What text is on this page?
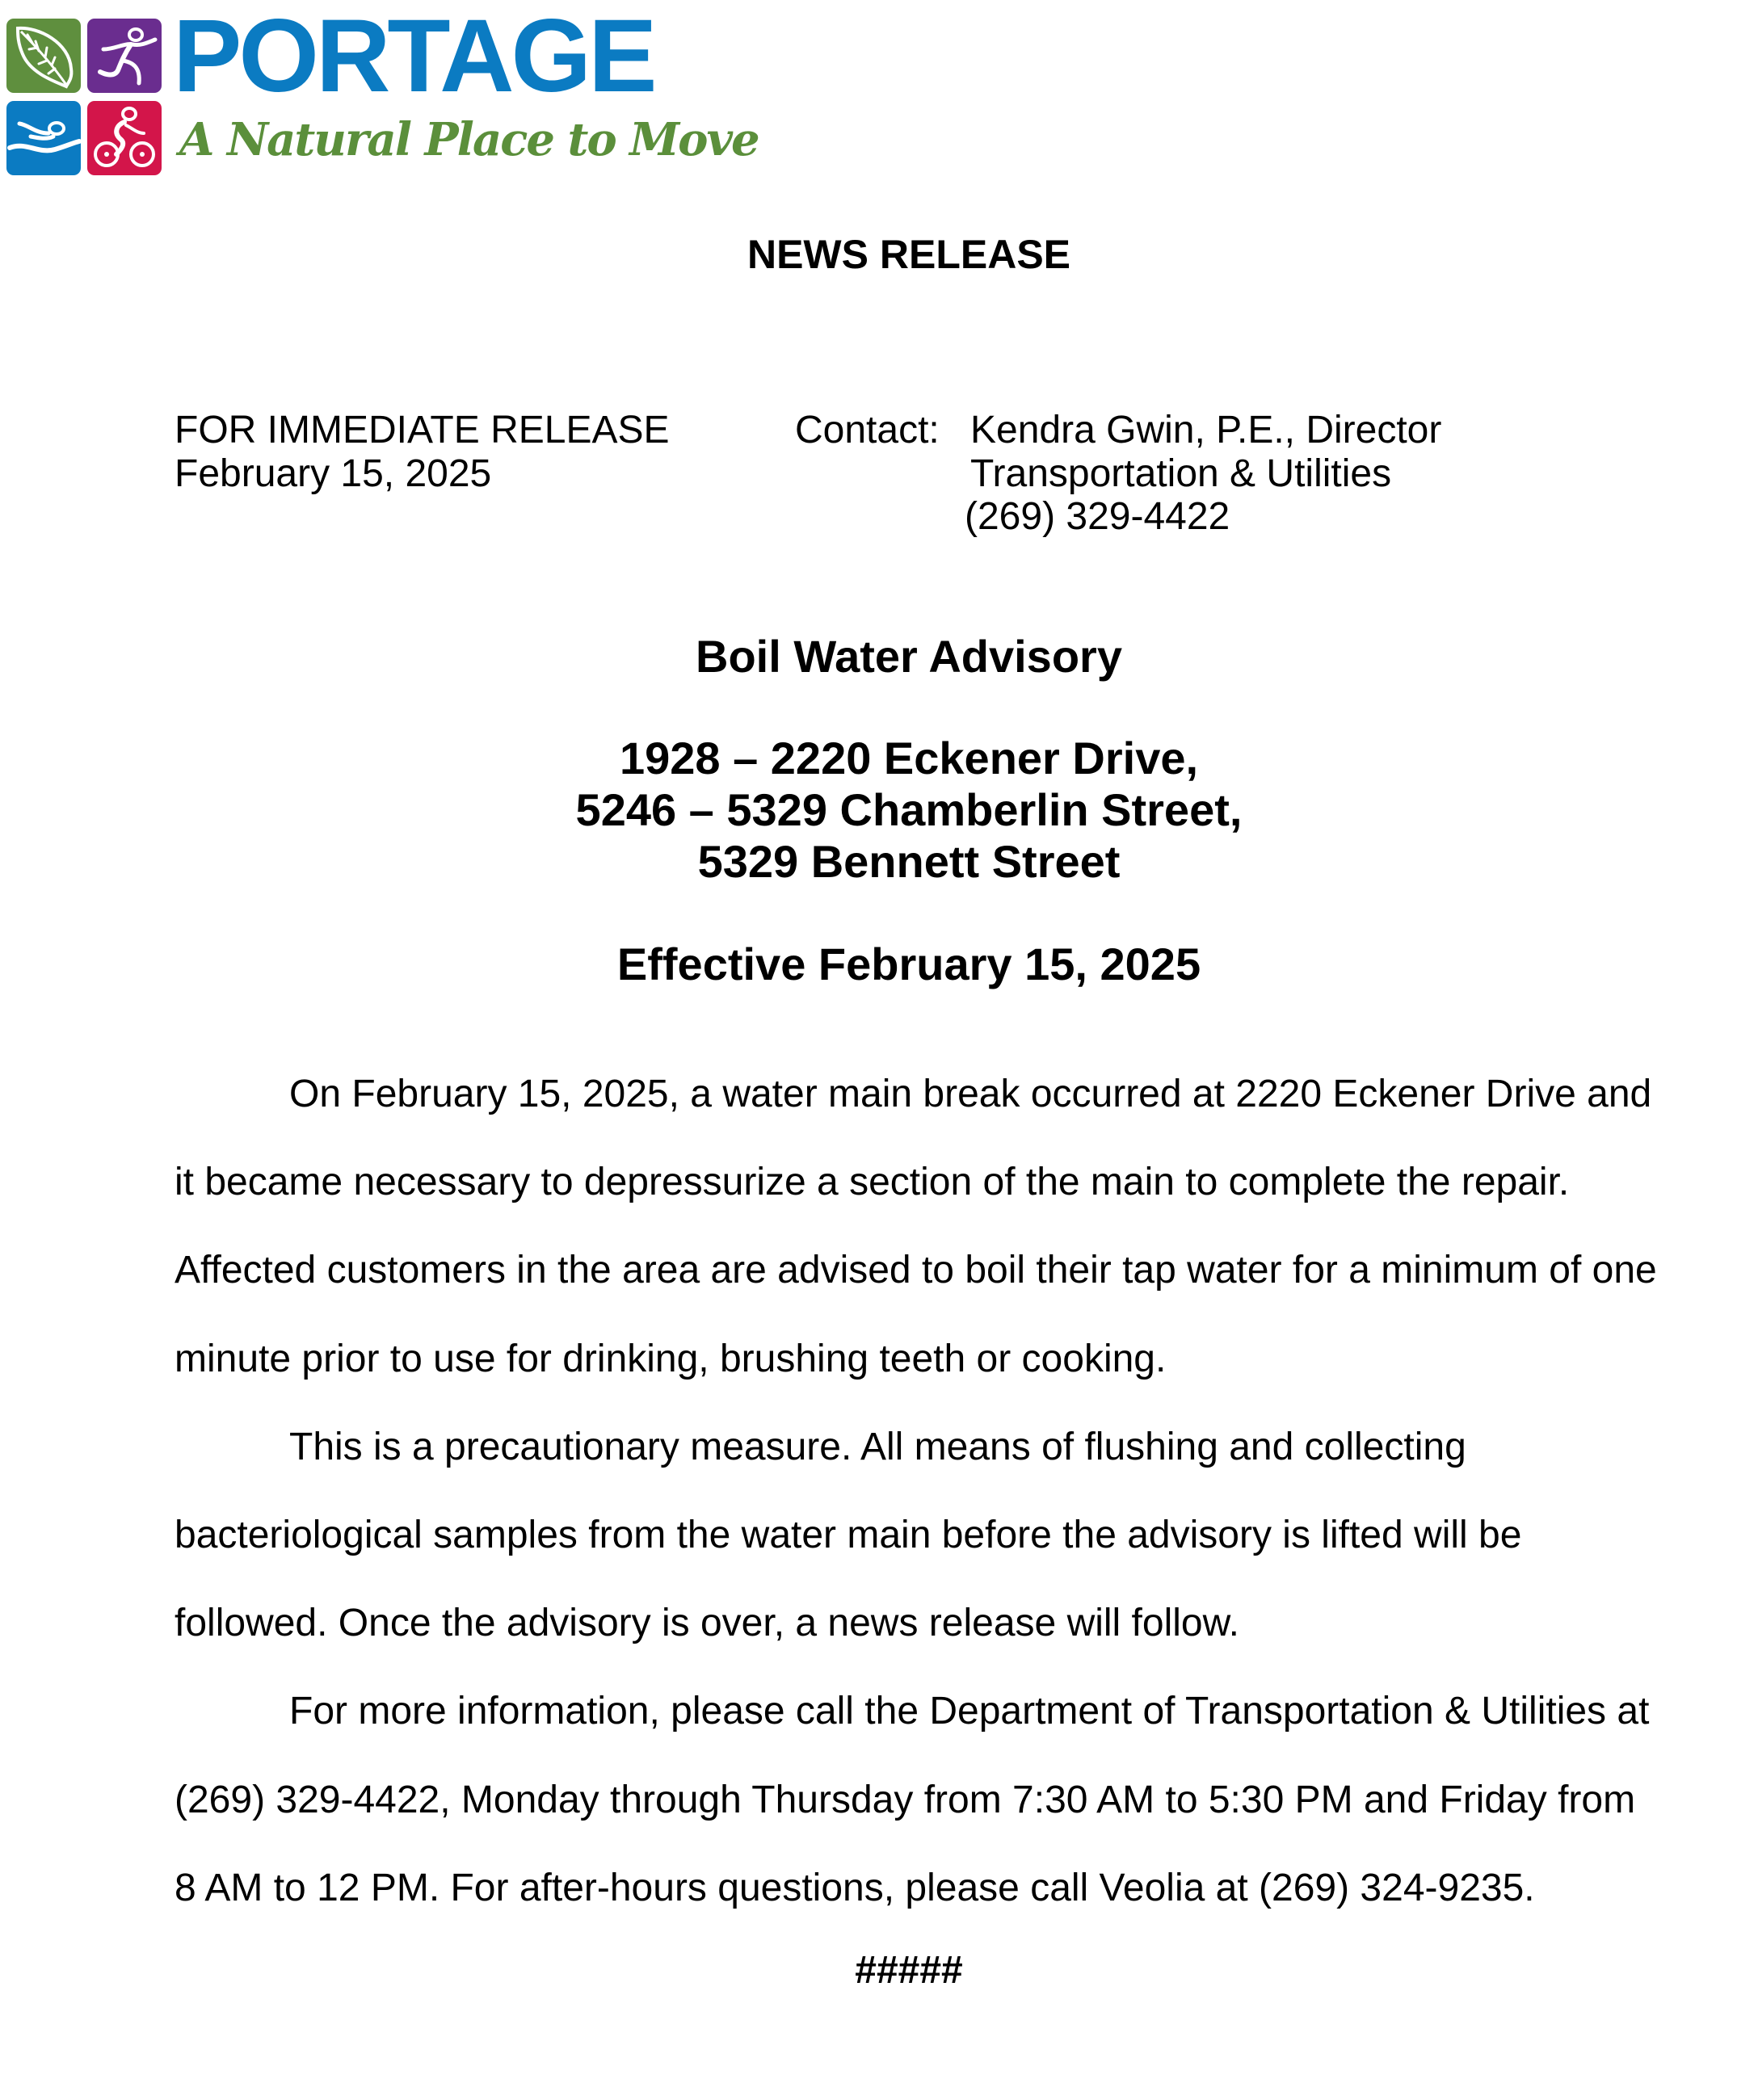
PORTAGE
A Natural Place to Move
NEWS RELEASE
FOR IMMEDIATE RELEASE
February 15, 2025
Contact: Kendra Gwin, P.E., Director
Transportation & Utilities
(269) 329-4422
Boil Water Advisory
1928 – 2220 Eckener Drive,
5246 – 5329 Chamberlin Street,
5329 Bennett Street
Effective February 15, 2025
On February 15, 2025, a water main break occurred at 2220 Eckener Drive and
it became necessary to depressurize a section of the main to complete the repair.
Affected customers in the area are advised to boil their tap water for a minimum of one
minute prior to use for drinking, brushing teeth or cooking.
This is a precautionary measure. All means of flushing and collecting
bacteriological samples from the water main before the advisory is lifted will be
followed. Once the advisory is over, a news release will follow.
For more information, please call the Department of Transportation & Utilities at
(269) 329-4422, Monday through Thursday from 7:30 AM to 5:30 PM and Friday from
8 AM to 12 PM. For after-hours questions, please call Veolia at (269) 324-9235.
#####
